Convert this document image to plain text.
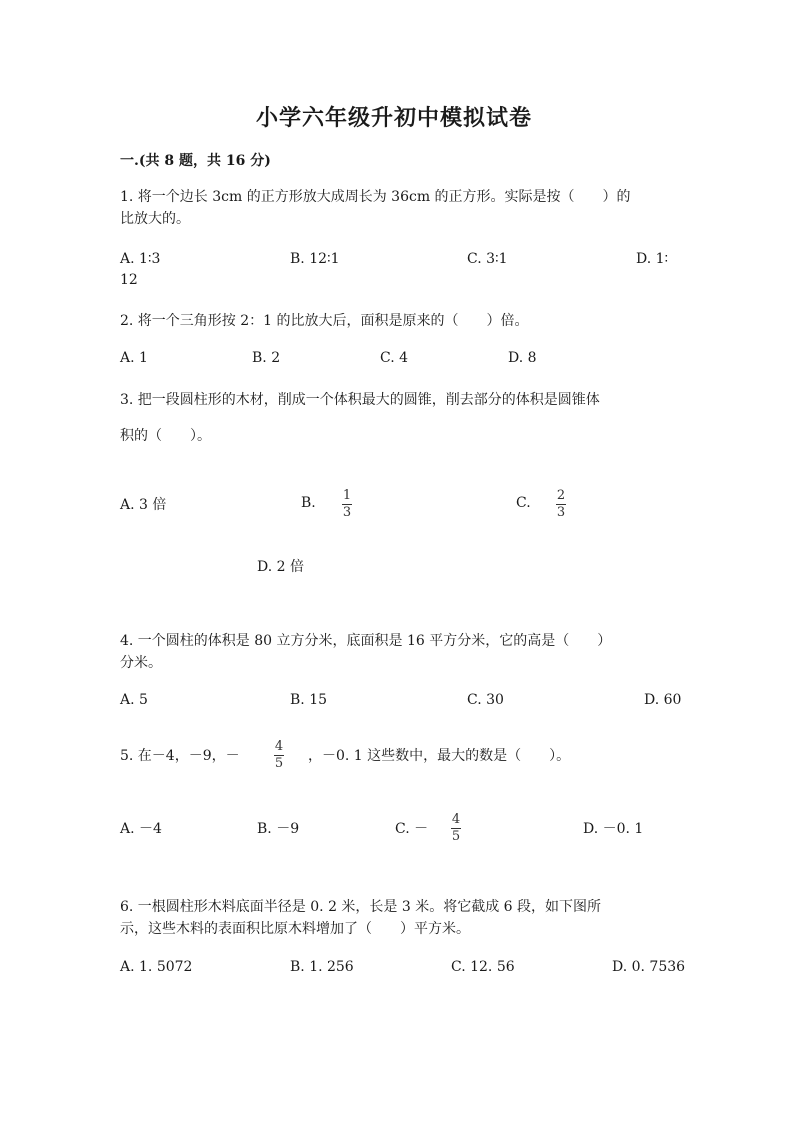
小学六年级升初中模拟试卷
一.(共 8 题，共 16 分)
1. 将一个边长 3cm 的正方形放大成周长为 36cm 的正方形。实际是按（　　）的
比放大的。
A. 1∶3	B. 12∶1	C. 3∶1	D. 1∶
12
2. 将一个三角形按 2：1 的比放大后，面积是原来的（　　）倍。
A. 1	B. 2	C. 4	D. 8
3. 把一段圆柱形的木材，削成一个体积最大的圆锥，削去部分的体积是圆锥体
积的（　　）。
A. 3 倍	B. 1
3
C. 2
3
D. 2 倍
4. 一个圆柱的体积是 80 立方分米，底面积是 16 平方分米，它的高是（　　）
分米。
A. 5	B. 15	C. 30	D. 60
5. 在－4，－9，－
4
5 ，－0. 1 这些数中，最大的数是（　　）。
A. －4	B. －9	C. －
4
5	D. －0. 1
6. 一根圆柱形木料底面半径是 0. 2 米，长是 3 米。将它截成 6 段，如下图所
示，这些木料的表面积比原木料增加了（　　）平方米。
A. 1. 5072	B. 1. 256	C. 12. 56	D. 0. 7536
